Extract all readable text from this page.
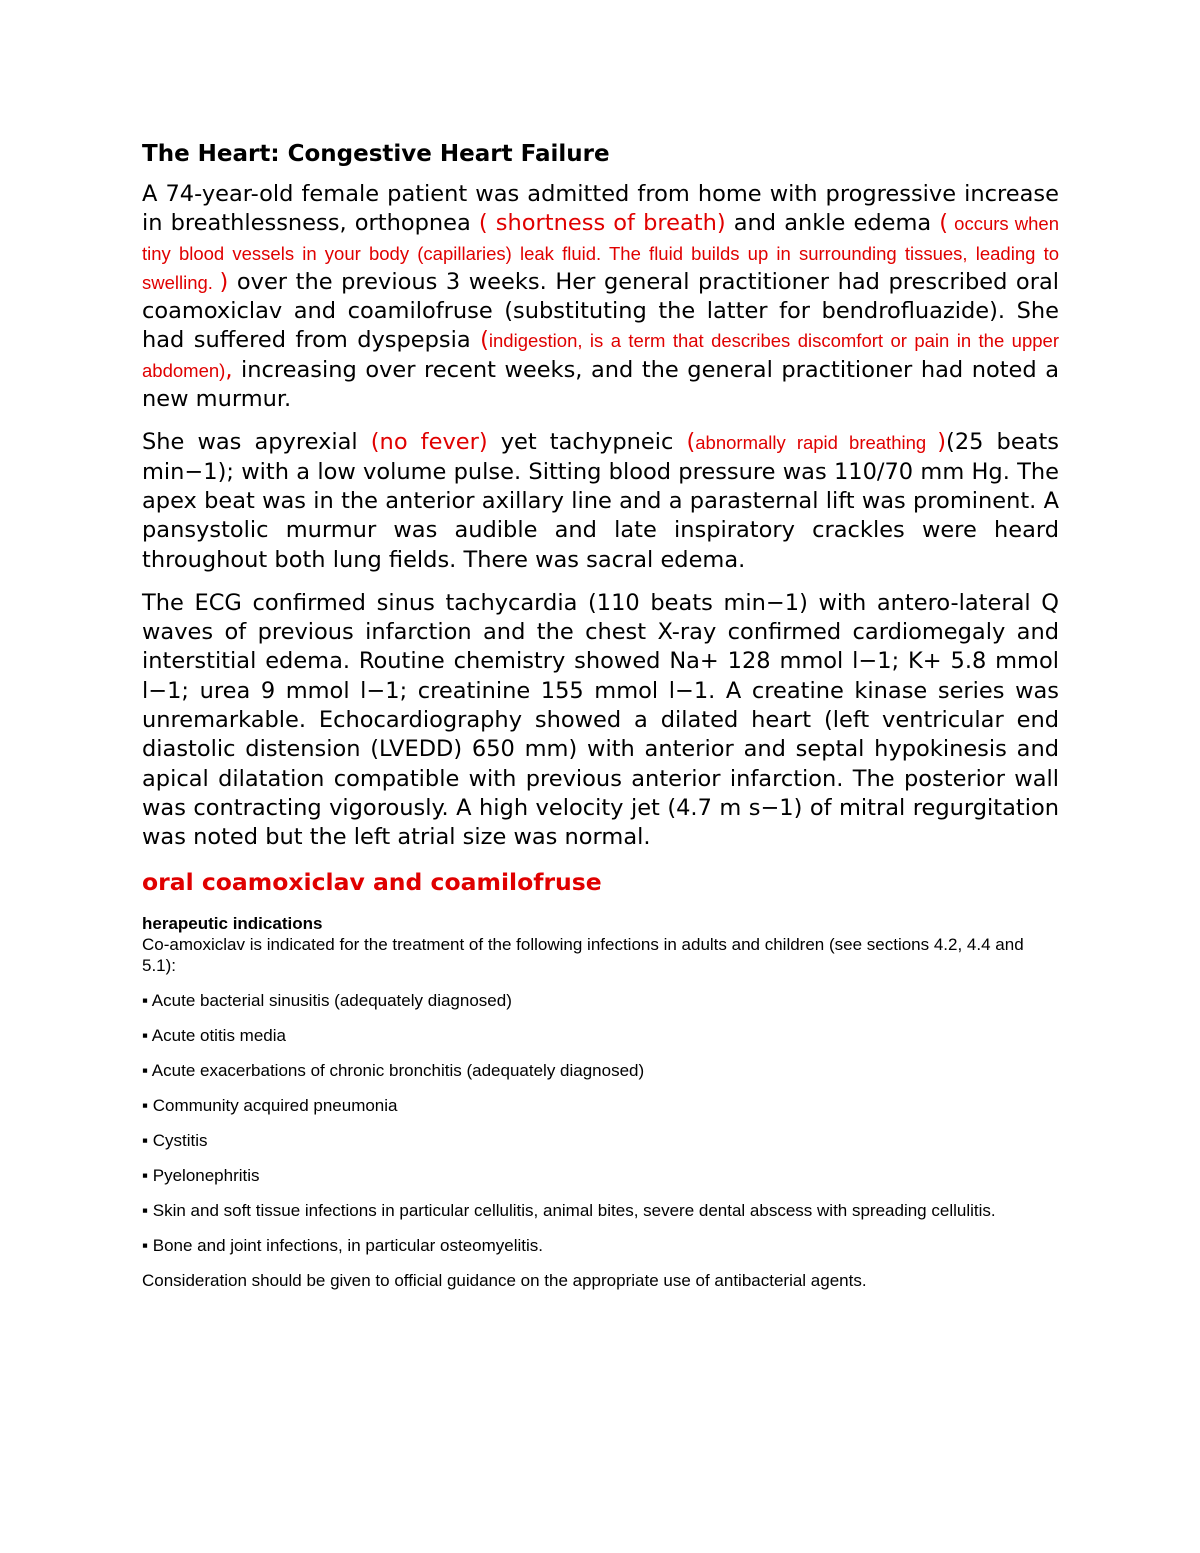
The Heart: Congestive Heart Failure

A 74-year-old female patient was admitted from home with progressive increase in breathlessness, orthopnea ( shortness of breath) and ankle edema ( occurs when tiny blood vessels in your body (capillaries) leak fluid. The fluid builds up in surrounding tissues, leading to swelling. ) over the previous 3 weeks. Her general practitioner had prescribed oral coamoxiclav and coamilofruse (substituting the latter for bendrofluazide). She had suffered from dyspepsia (indigestion, is a term that describes discomfort or pain in the upper abdomen), increasing over recent weeks, and the general practitioner had noted a new murmur.

She was apyrexial (no fever) yet tachypneic (abnormally rapid breathing )(25 beats min−1); with a low volume pulse. Sitting blood pressure was 110/70 mm Hg. The apex beat was in the anterior axillary line and a parasternal lift was prominent. A pansystolic murmur was audible and late inspiratory crackles were heard throughout both lung fields. There was sacral edema.

The ECG confirmed sinus tachycardia (110 beats min−1) with antero-lateral Q waves of previous infarction and the chest X-ray confirmed cardiomegaly and interstitial edema. Routine chemistry showed Na+ 128 mmol l−1; K+ 5.8 mmol l−1; urea 9 mmol l−1; creatinine 155 mmol l−1. A creatine kinase series was unremarkable. Echocardiography showed a dilated heart (left ventricular end diastolic distension (LVEDD) 650 mm) with anterior and septal hypokinesis and apical dilatation compatible with previous anterior infarction. The posterior wall was contracting vigorously. A high velocity jet (4.7 m s−1) of mitral regurgitation was noted but the left atrial size was normal.

oral coamoxiclav and coamilofruse

herapeutic indications

Co-amoxiclav is indicated for the treatment of the following infections in adults and children (see sections 4.2, 4.4 and 5.1):

▪ Acute bacterial sinusitis (adequately diagnosed)

▪ Acute otitis media

▪ Acute exacerbations of chronic bronchitis (adequately diagnosed)

▪ Community acquired pneumonia

▪ Cystitis

▪ Pyelonephritis

▪ Skin and soft tissue infections in particular cellulitis, animal bites, severe dental abscess with spreading cellulitis.

▪ Bone and joint infections, in particular osteomyelitis.

Consideration should be given to official guidance on the appropriate use of antibacterial agents.
